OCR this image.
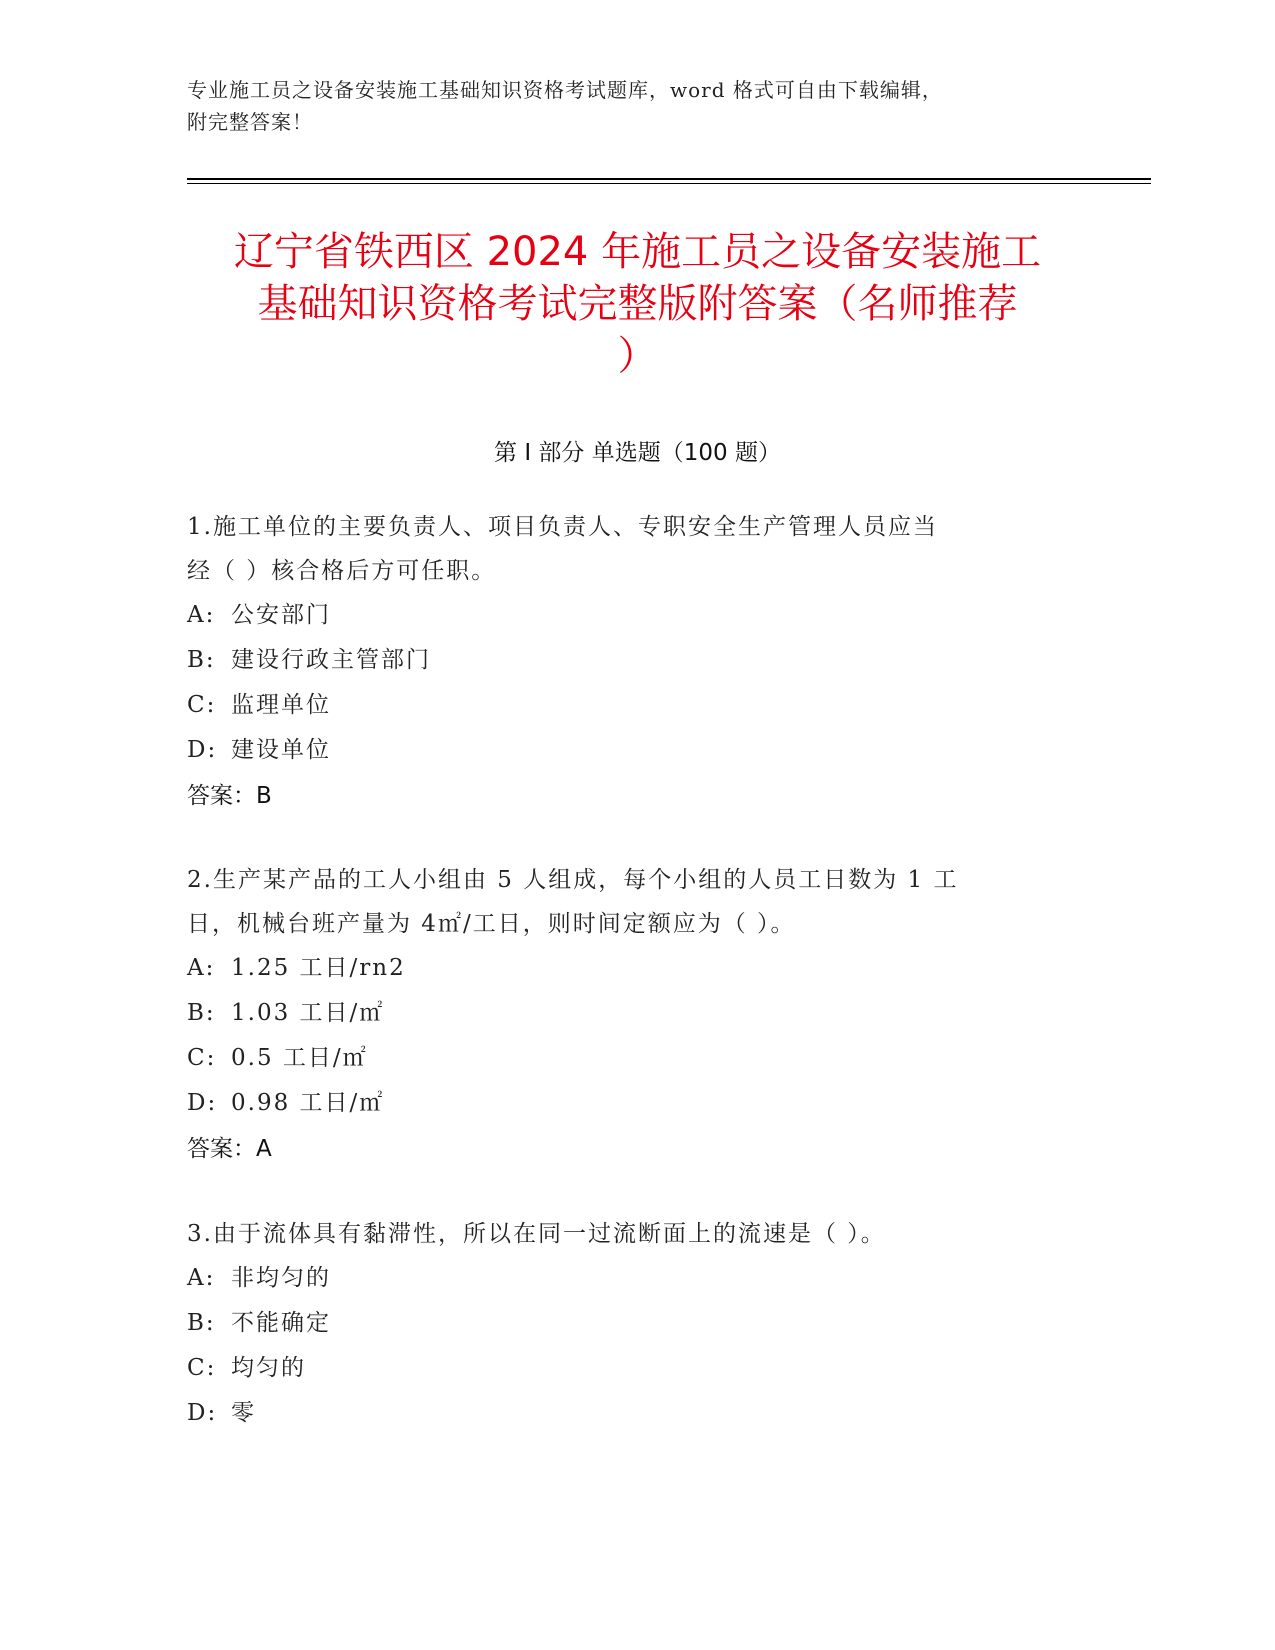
专业施工员之设备安装施工基础知识资格考试题库，word 格式可自由下载编辑，
附完整答案！
辽宁省铁西区 2024 年施工员之设备安装施工
基础知识资格考试完整版附答案（名师推荐
）
第 I 部分 单选题（100 题）
1.施工单位的主要负责人、项目负责人、专职安全生产管理人员应当
经（ ）核合格后方可任职。
A: 公安部门
B: 建设行政主管部门
C: 监理单位
D: 建设单位
答案：B
2.生产某产品的工人小组由 5 人组成，每个小组的人员工日数为 1 工
日，机械台班产量为 4㎡/工日，则时间定额应为（ ）。
A: 1.25 工日/rn2
B: 1.03 工日/㎡
C: 0.5 工日/㎡
D: 0.98 工日/㎡
答案：A
3.由于流体具有黏滞性，所以在同一过流断面上的流速是（ ）。
A: 非均匀的
B: 不能确定
C: 均匀的
D: 零
